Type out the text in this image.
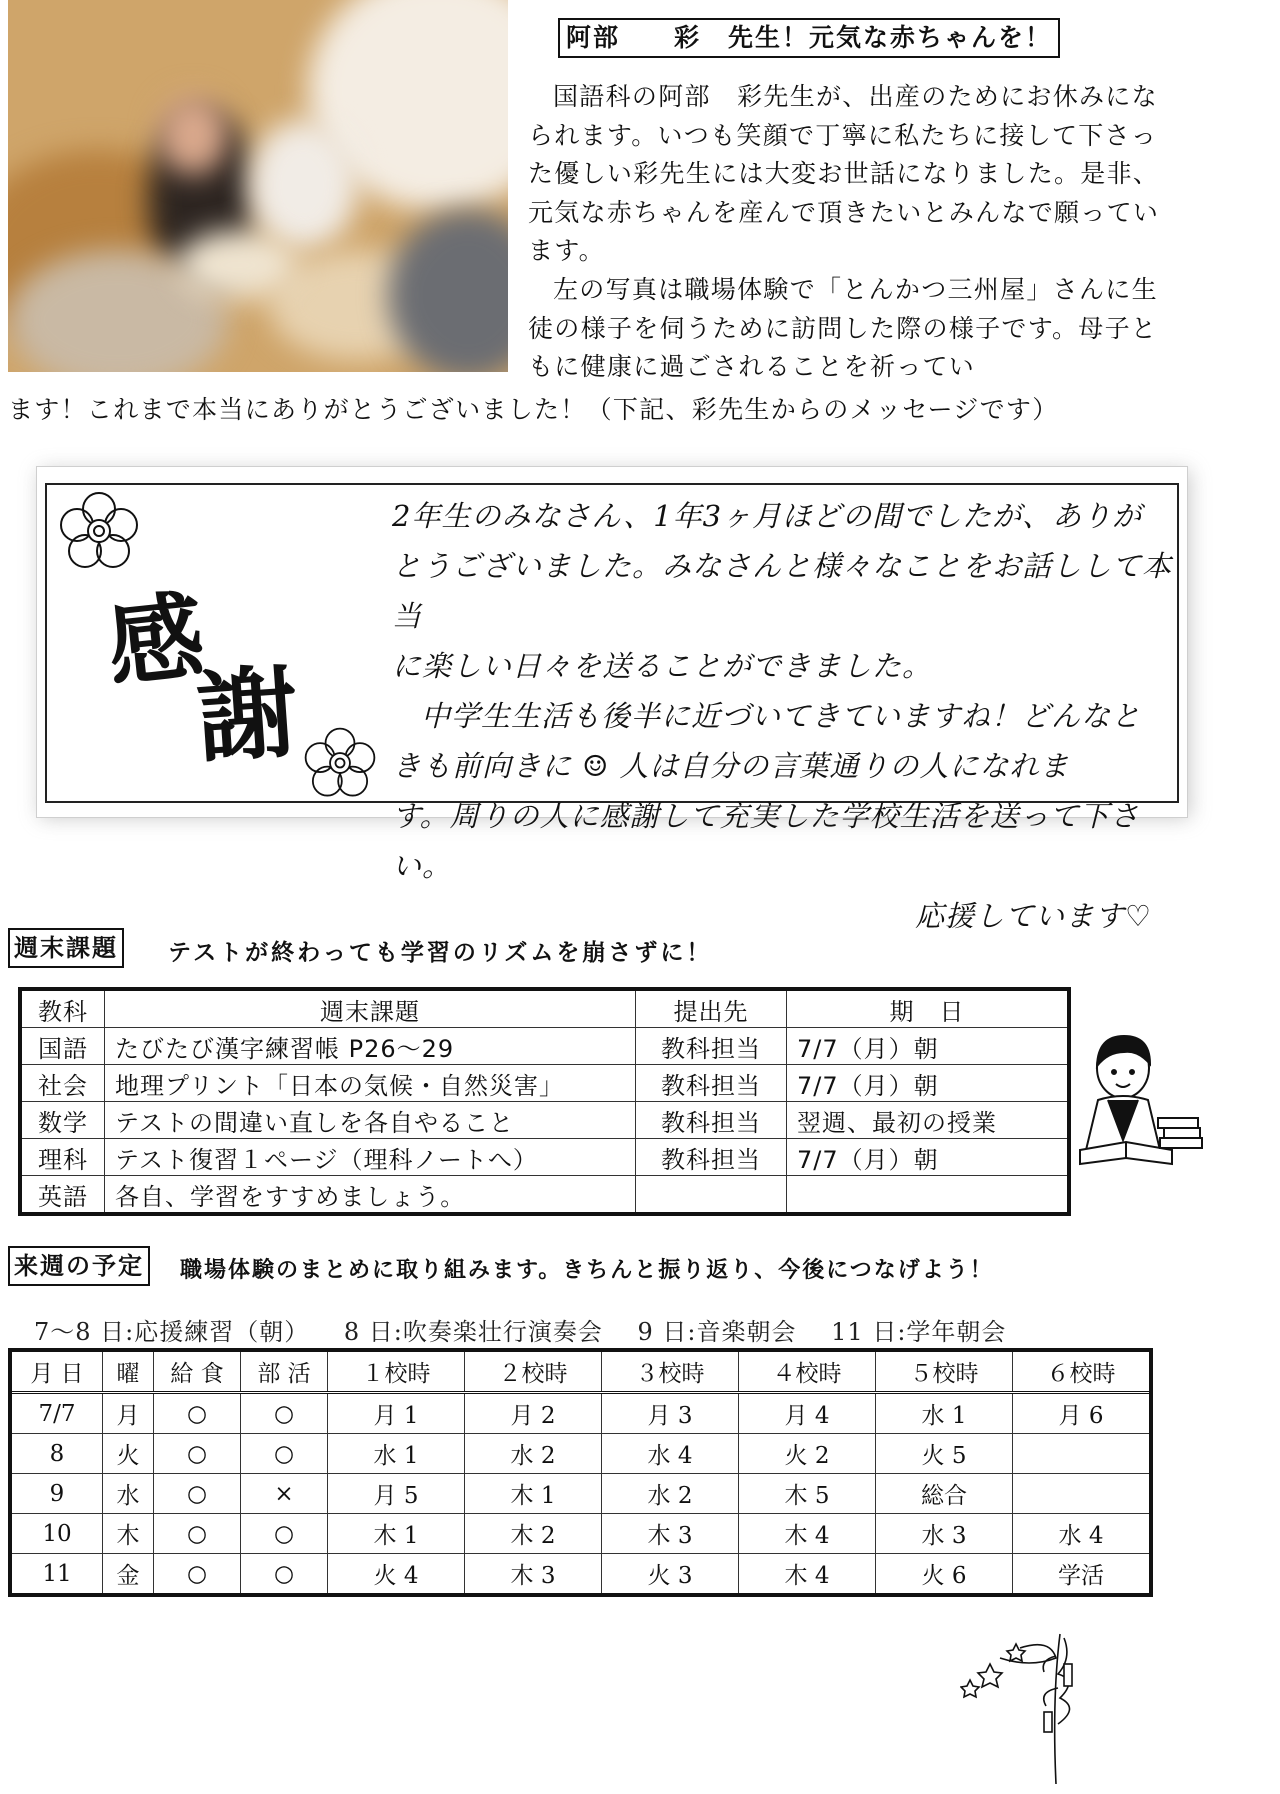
阿部　　彩　先生！元気な赤ちゃんを！

国語科の阿部　彩先生が、出産のためにお休みになられます。いつも笑顔で丁寧に私たちに接して下さった優しい彩先生には大変お世話になりました。是非、元気な赤ちゃんを産んで頂きたいとみんなで願っています。

左の写真は職場体験で「とんかつ三州屋」さんに生徒の様子を伺うために訪問した際の様子です。母子ともに健康に過ごされることを祈ってい

ます！これまで本当にありがとうございました！（下記、彩先生からのメッセージです）
感
謝

2年生のみなさん、1年3ヶ月ほどの間でしたが、ありが

とうございました。みなさんと様々なことをお話しして本当

に楽しい日々を送ることができました。

中学生生活も後半に近づいてきていますね！どんなと

きも前向きに ☺ 人は自分の言葉通りの人になれま

す。周りの人に感謝して充実した学校生活を送って下さい。

応援しています♡

週末課題 テストが終わっても学習のリズムを崩さずに！
教科	週末課題	提出先	期　日
国語	たびたび漢字練習帳 P26〜29	教科担当	7/7（月）朝
社会	地理プリント「日本の気候・自然災害」	教科担当	7/7（月）朝
数学	テストの間違い直しを各自やること	教科担当	翌週、最初の授業
理科	テスト復習１ページ（理科ノートへ）	教科担当	7/7（月）朝
英語	各自、学習をすすめましょう。		
来週の予定 職場体験のまとめに取り組みます。きちんと振り返り、今後につなげよう！
7〜8 日:応援練習（朝） 8 日:吹奏楽壮行演奏会 9 日:音楽朝会 11 日:学年朝会
月 日	曜	給 食	部 活	１校時	２校時	３校時	４校時	５校時	６校時
7/7	月	○	○	月 1	月 2	月 3	月 4	水 1	月 6
8	火	○	○	水 1	水 2	水 4	火 2	火 5	
9	水	○	×	月 5	木 1	水 2	木 5	総合	
10	木	○	○	木 1	木 2	木 3	木 4	水 3	水 4
11	金	○	○	火 4	木 3	火 3	木 4	火 6	学活
